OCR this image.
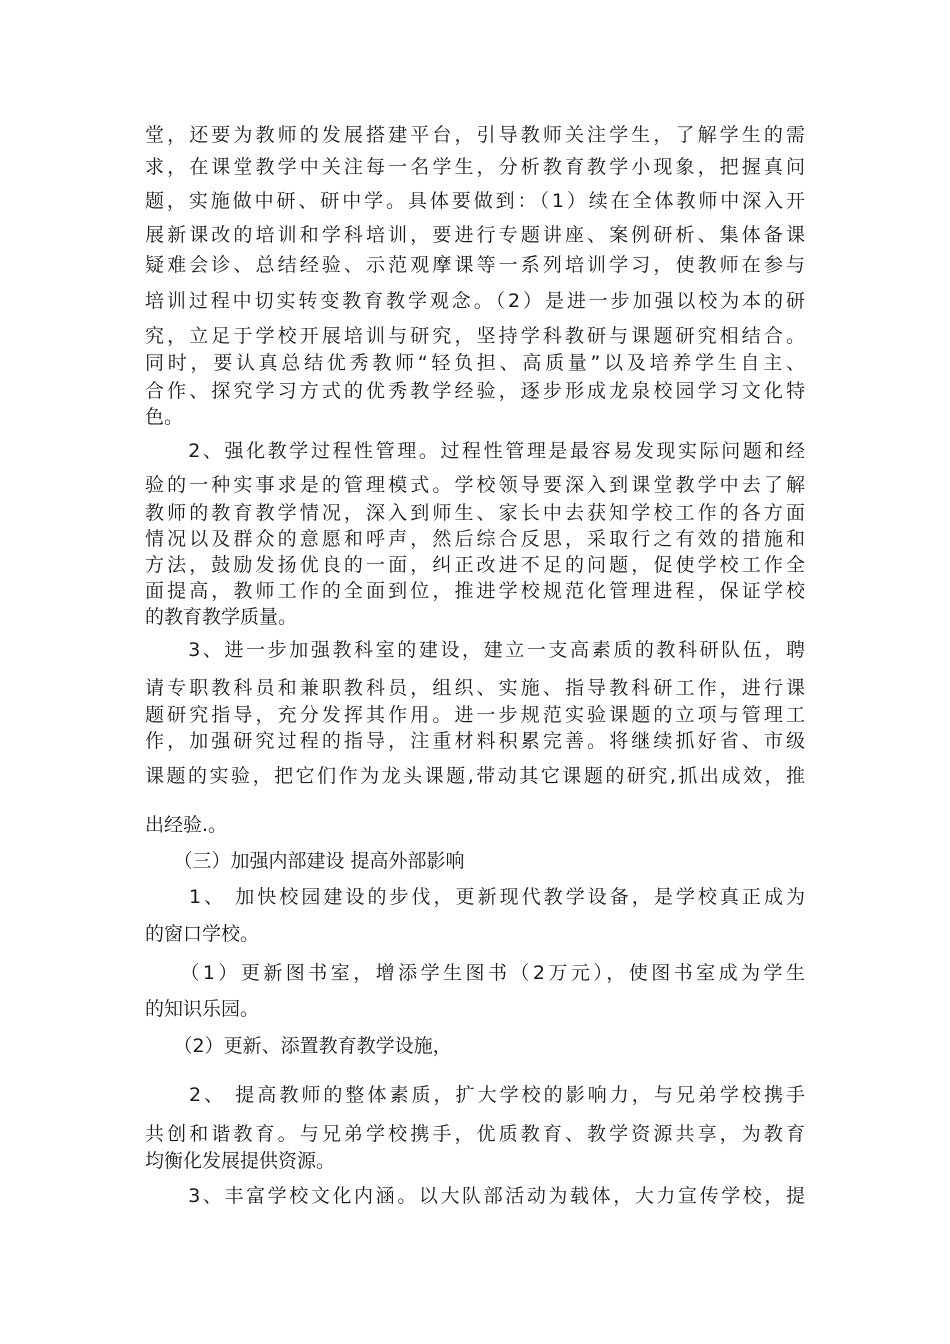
堂，还要为教师的发展搭建平台，引导教师关注学生，了解学生的需
求，在课堂教学中关注每一名学生，分析教育教学小现象，把握真问
题，实施做中研、研中学。具体要做到：（1）续在全体教师中深入开
展新课改的培训和学科培训，要进行专题讲座、案例研析、集体备课
疑难会诊、总结经验、示范观摩课等一系列培训学习，使教师在参与
培训过程中切实转变教育教学观念。（2）是进一步加强以校为本的研
究，立足于学校开展培训与研究，坚持学科教研与课题研究相结合。
同时，要认真总结优秀教师“轻负担、高质量”以及培养学生自主、
合作、探究学习方式的优秀教学经验，逐步形成龙泉校园学习文化特
色。
　　2、强化教学过程性管理。过程性管理是最容易发现实际问题和经
验的一种实事求是的管理模式。学校领导要深入到课堂教学中去了解
教师的教育教学情况，深入到师生、家长中去获知学校工作的各方面
情况以及群众的意愿和呼声，然后综合反思，采取行之有效的措施和
方法，鼓励发扬优良的一面，纠正改进不足的问题，促使学校工作全
面提高，教师工作的全面到位，推进学校规范化管理进程，保证学校
的教育教学质量。
　　3、进一步加强教科室的建设，建立一支高素质的教科研队伍，聘
请专职教科员和兼职教科员，组织、实施、指导教科研工作，进行课
题研究指导，充分发挥其作用。进一步规范实验课题的立项与管理工
作，加强研究过程的指导，注重材料积累完善。将继续抓好省、市级
课题的实验，把它们作为龙头课题,带动其它课题的研究,抓出成效，推
出经验.。
　　（三）加强内部建设 提高外部影响
　　1、 加快校园建设的步伐，更新现代教学设备，是学校真正成为
的窗口学校。
　　（1）更新图书室，增添学生图书（2万元），使图书室成为学生
的知识乐园。
　　（2）更新、添置教育教学设施，
　　2、 提高教师的整体素质，扩大学校的影响力，与兄弟学校携手
共创和谐教育。与兄弟学校携手，优质教育、教学资源共享，为教育
均衡化发展提供资源。
　　3、丰富学校文化内涵。以大队部活动为载体，大力宣传学校，提
